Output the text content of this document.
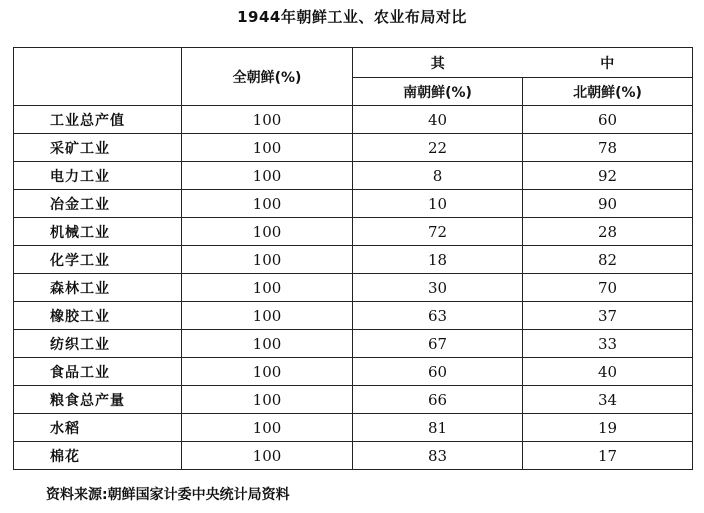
1944年朝鲜工业、农业布局对比
	全朝鲜(%)	其 中	
		南朝鲜(%)	北朝鲜(%)
工业总产值	100	40	60
采矿工业	100	22	78
电力工业	100	8	92
冶金工业	100	10	90
机械工业	100	72	28
化学工业	100	18	82
森林工业	100	30	70
橡胶工业	100	63	37
纺织工业	100	67	33
食品工业	100	60	40
粮食总产量	100	66	34
水稻	100	81	19
棉花	100	83	17
资料来源:朝鲜国家计委中央统计局资料
